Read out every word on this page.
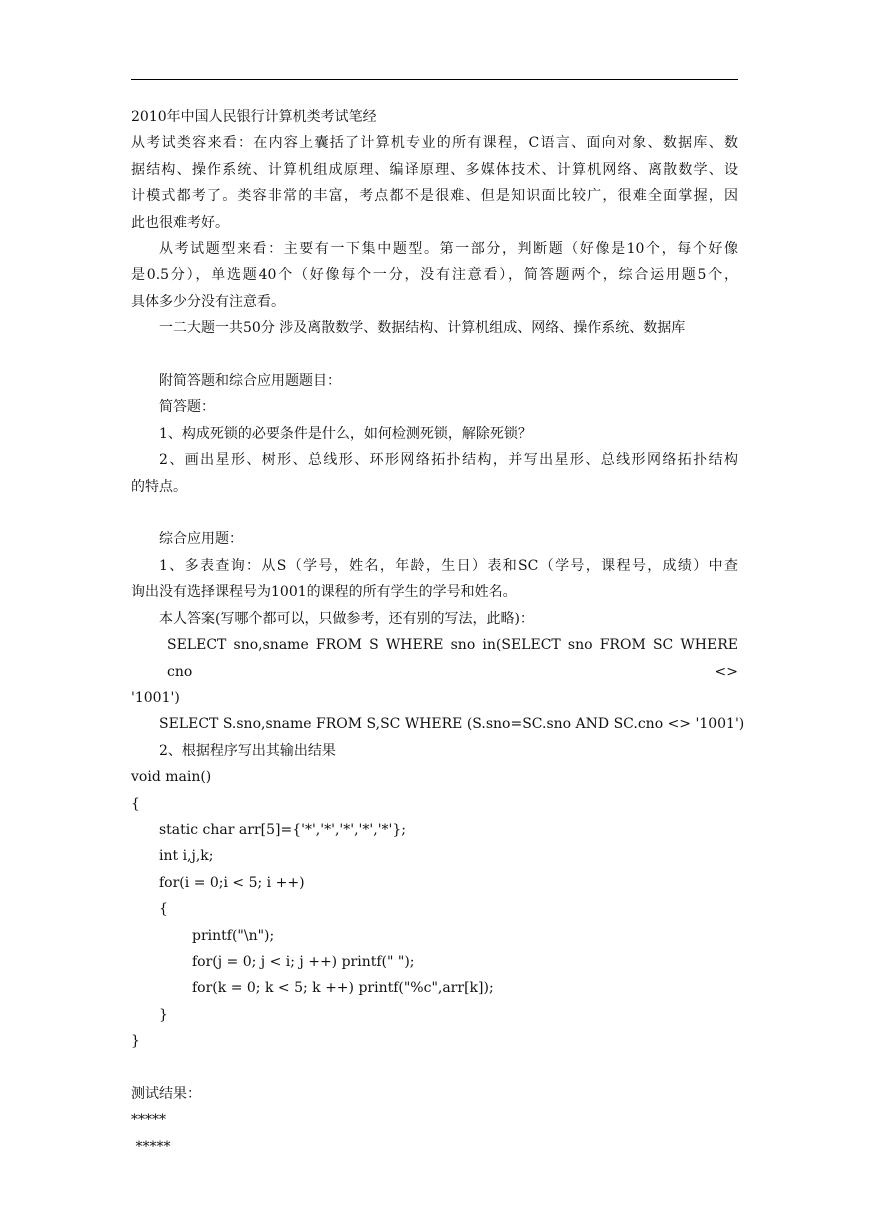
2010年中国人民银行计算机类考试笔经
从考试类容来看：在内容上囊括了计算机专业的所有课程，C语言、面向对象、数据库、数
据结构、操作系统、计算机组成原理、编译原理、多媒体技术、计算机网络、离散数学、设
计模式都考了。类容非常的丰富，考点都不是很难、但是知识面比较广，很难全面掌握，因
此也很难考好。
从考试题型来看：主要有一下集中题型。第一部分，判断题（好像是10个，每个好像
是0.5分），单选题40个（好像每个一分，没有注意看），简答题两个，综合运用题5个，
具体多少分没有注意看。
一二大题一共50分 涉及离散数学、数据结构、计算机组成、网络、操作系统、数据库
附简答题和综合应用题题目：
简答题：
1、构成死锁的必要条件是什么，如何检测死锁，解除死锁？
2、画出星形、树形、总线形、环形网络拓扑结构，并写出星形、总线形网络拓扑结构
的特点。
综合应用题：
1、多表查询：从S（学号，姓名，年龄，生日）表和SC（学号，课程号，成绩）中查
询出没有选择课程号为1001的课程的所有学生的学号和姓名。
本人答案(写哪个都可以，只做参考，还有别的写法，此略)：
SELECT sno,sname FROM S WHERE sno in(SELECT sno FROM SC WHERE cno <>
'1001')
SELECT S.sno,sname FROM S,SC WHERE (S.sno=SC.sno AND SC.cno <> '1001')
2、根据程序写出其输出结果
void main()
{
static char arr[5]={'*','*','*','*','*'};
int i,j,k;
for(i = 0;i < 5; i ++)
{
printf("\n");
for(j = 0; j < i; j ++) printf(" ");
for(k = 0; k < 5; k ++) printf("%c",arr[k]);
}
}
测试结果：
*****
*****
